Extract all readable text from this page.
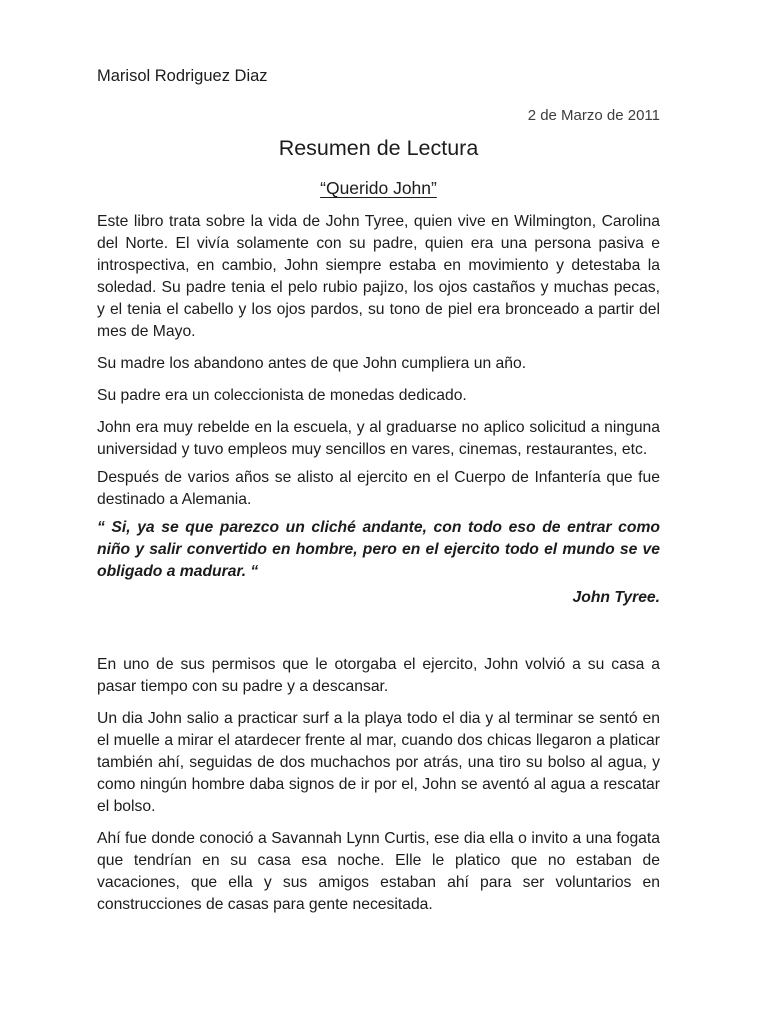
Marisol Rodriguez Diaz
2 de Marzo de 2011
Resumen de Lectura
“Querido John”

Este libro trata sobre la vida de John Tyree, quien vive en Wilmington, Carolina del Norte. El vivía solamente con su padre, quien era una persona pasiva e introspectiva, en cambio, John siempre estaba en movimiento y detestaba la soledad. Su padre tenia el pelo rubio pajizo, los ojos castaños y muchas pecas, y el tenia el cabello y los ojos pardos, su tono de piel era bronceado a partir del mes de Mayo.

Su madre los abandono antes de que John cumpliera un año.

Su padre era un coleccionista de monedas dedicado.

John era muy rebelde en la escuela, y al graduarse no aplico solicitud a ninguna universidad y tuvo empleos muy sencillos en vares, cinemas, restaurantes, etc.

Después de varios años se alisto al ejercito en el Cuerpo de Infantería que fue destinado a Alemania.

“ Si, ya se que parezco un cliché andante, con todo eso de entrar como niño y salir convertido en hombre, pero en el ejercito todo el mundo se ve obligado a madurar. “

John Tyree.

En uno de sus permisos que le otorgaba el ejercito, John volvió a su casa a pasar tiempo con su padre y a descansar.

Un dia John salio a practicar surf a la playa todo el dia y al terminar se sentó en el muelle a mirar el atardecer frente al mar, cuando dos chicas llegaron a platicar también ahí, seguidas de dos muchachos por atrás, una tiro su bolso al agua, y como ningún hombre daba signos de ir por el, John se aventó al agua a rescatar el bolso.

Ahí fue donde conoció a Savannah Lynn Curtis, ese dia ella o invito a una fogata que tendrían en su casa esa noche. Elle le platico que no estaban de vacaciones, que ella y sus amigos estaban ahí para ser voluntarios en construcciones de casas para gente necesitada.
